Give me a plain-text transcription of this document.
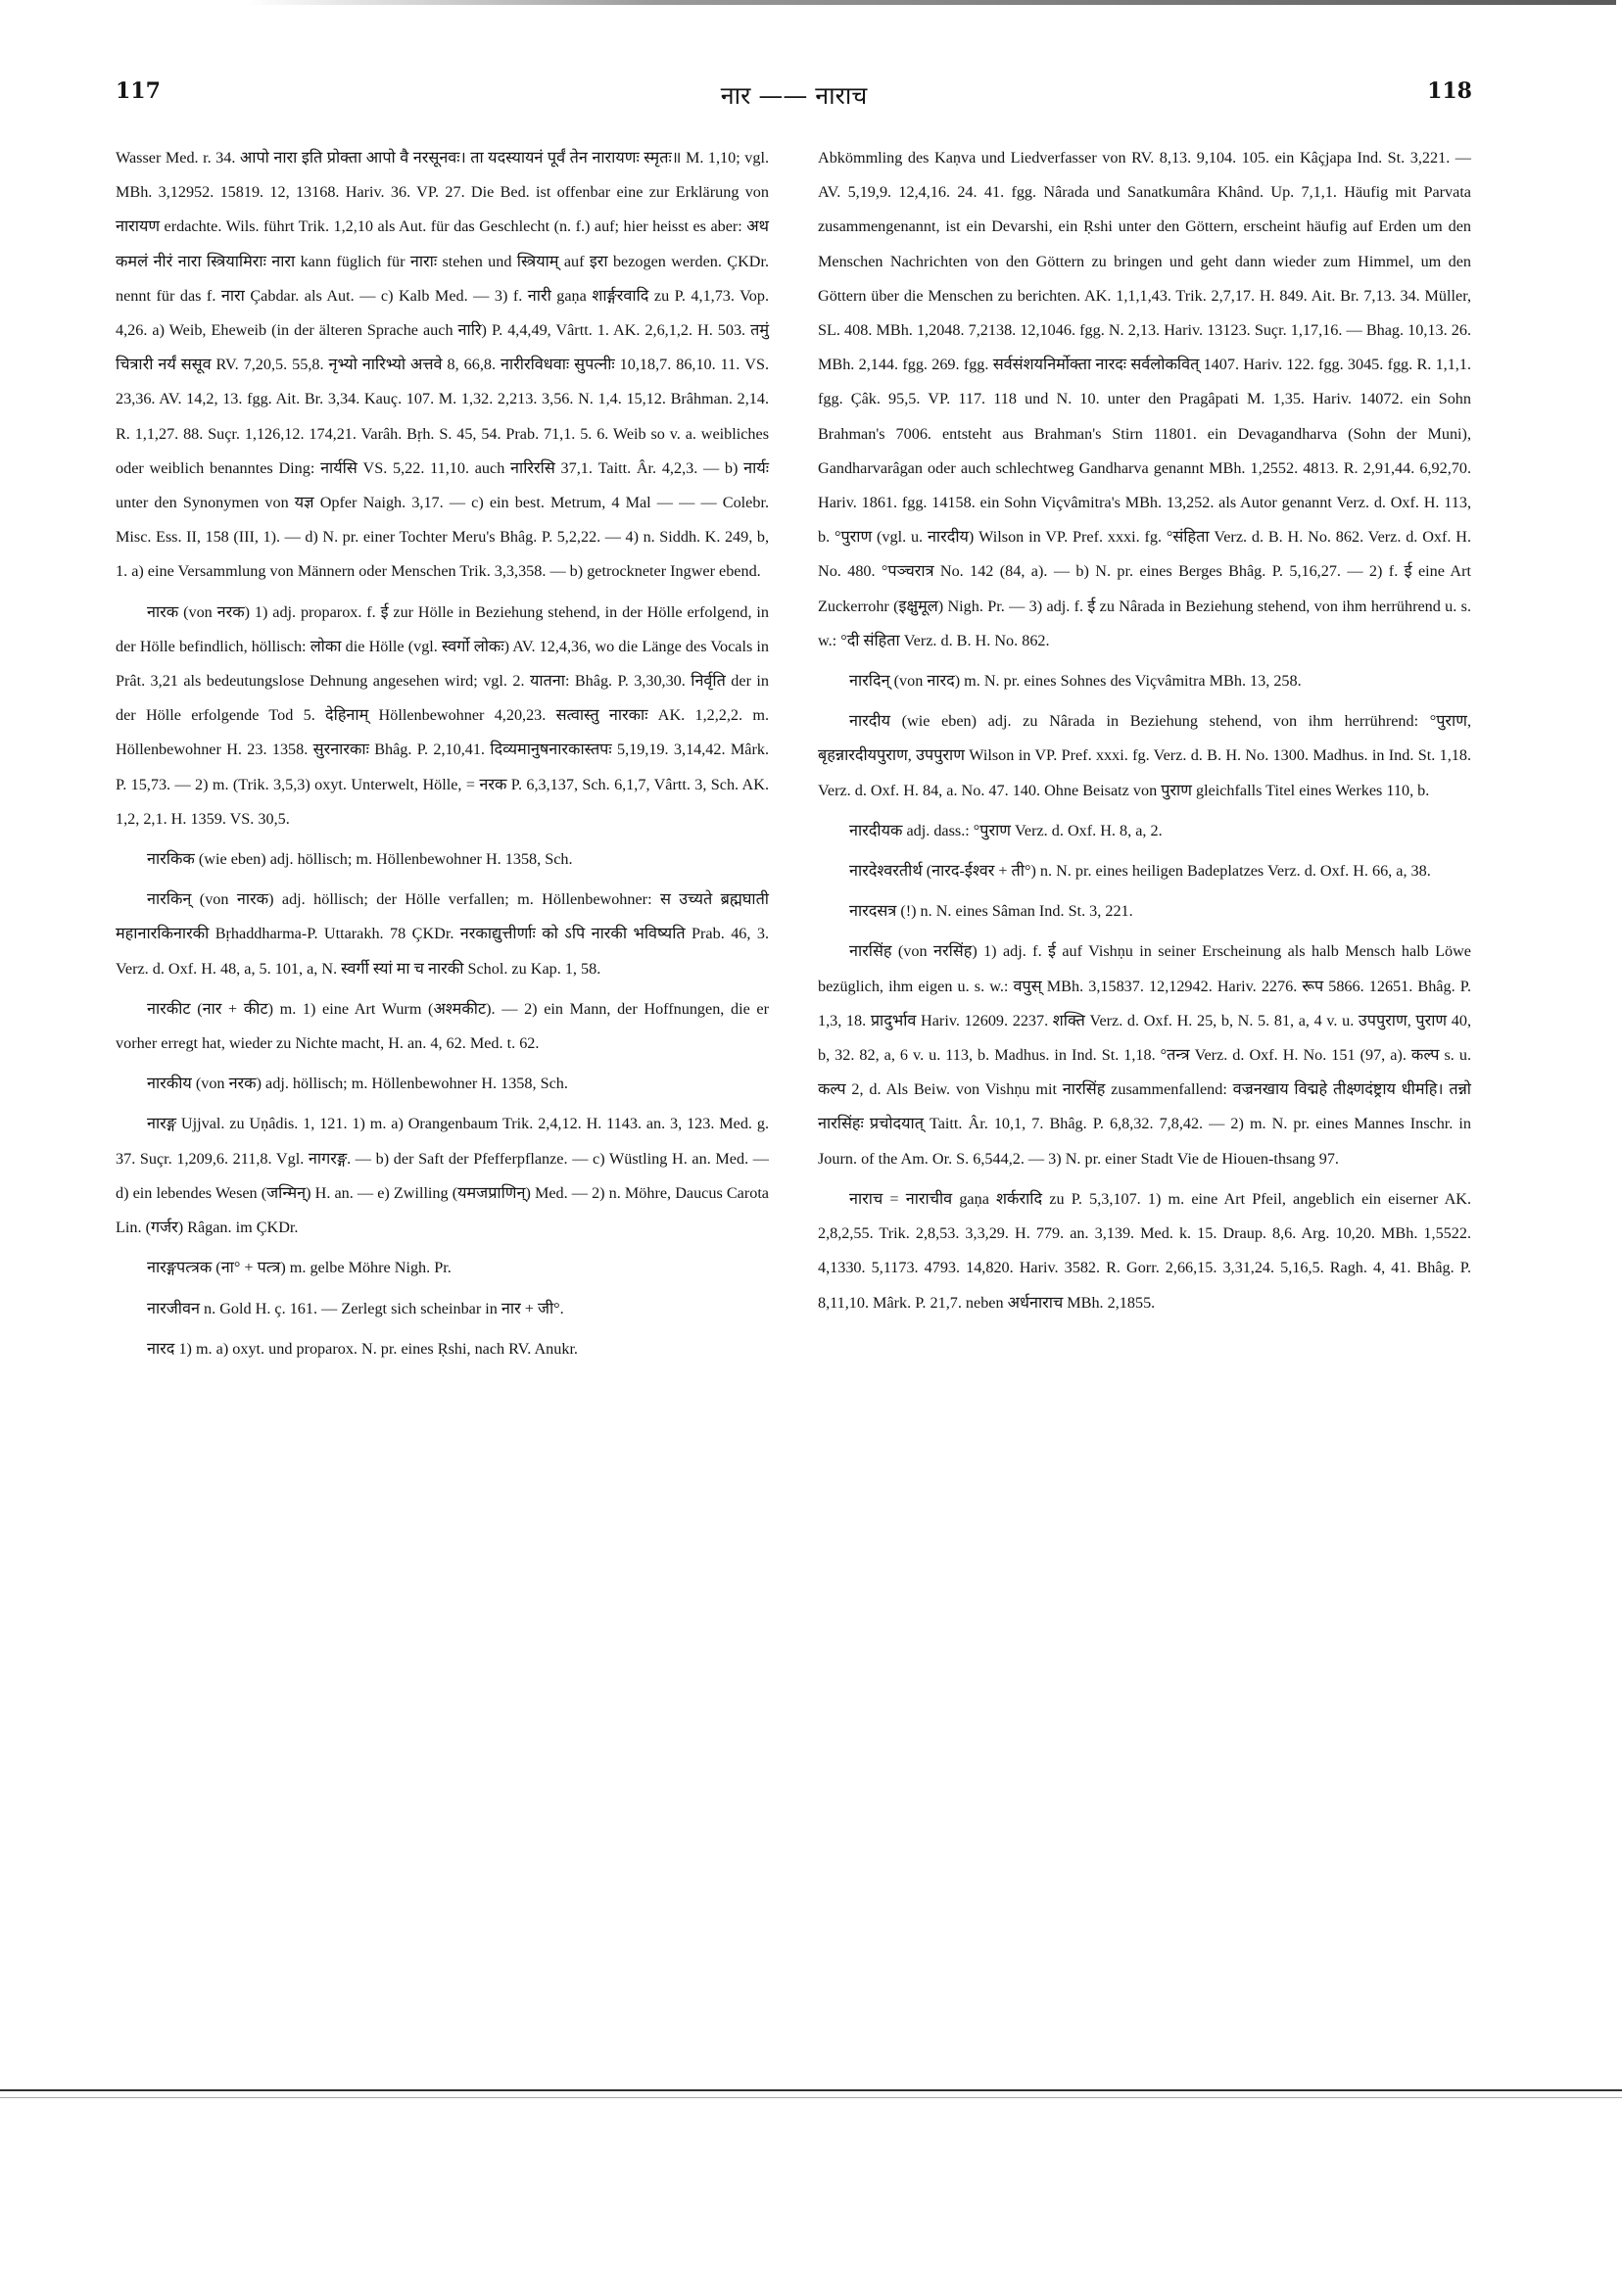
117	नार —— नाराच	118

Wasser Med. r. 34. आपो नारा इति प्रोक्ता आपो वै नरसूनवः। ता यदस्यायनं पूर्वं तेन नारायणः स्मृतः॥ M. 1,10; vgl. MBh. 3,12952. 15819. 12, 13168. Hariv. 36. VP. 27. Die Bed. ist offenbar eine zur Erklärung von नारायण erdachte. Wils. führt Trik. 1,2,10 als Aut. für das Geschlecht (n. f.) auf; hier heisst es aber: अथ कमलं नीरं नारा स्त्रियामिराः नारा kann füglich für नाराः stehen und स्त्रियाम् auf इरा bezogen werden. ÇKDr. nennt für das f. नारा Çabdar. als Aut. — c) Kalb Med. — 3) f. नारी gaṇa शार्ङ्गरवादि zu P. 4,1,73. Vop. 4,26. a) Weib, Eheweib (in der älteren Sprache auch नारि) P. 4,4,49, Vârtt. 1. AK. 2,6,1,2. H. 503. तमुं चित्रारी नर्यं ससूव RV. 7,20,5. 55,8. नृभ्यो नारिभ्यो अत्तवे 8, 66,8. नारीरविधवाः सुपत्नीः 10,18,7. 86,10. 11. VS. 23,36. AV. 14,2, 13. fgg. Ait. Br. 3,34. Kauç. 107. M. 1,32. 2,213. 3,56. N. 1,4. 15,12. Brâhman. 2,14. R. 1,1,27. 88. Suçr. 1,126,12. 174,21. Varâh. Bṛh. S. 45, 54. Prab. 71,1. 5. 6. Weib so v. a. weibliches oder weiblich benanntes Ding: नार्यसि VS. 5,22. 11,10. auch नारिरसि 37,1. Taitt. Âr. 4,2,3. — b) नार्यः unter den Synonymen von यज्ञ Opfer Naigh. 3,17. — c) ein best. Metrum, 4 Mal — — — Colebr. Misc. Ess. II, 158 (III, 1). — d) N. pr. einer Tochter Meru's Bhâg. P. 5,2,22. — 4) n. Siddh. K. 249, b, 1. a) eine Versammlung von Männern oder Menschen Trik. 3,3,358. — b) getrockneter Ingwer ebend.

नारक (von नरक) 1) adj. proparox. f. ई zur Hölle in Beziehung stehend, in der Hölle erfolgend, in der Hölle befindlich, höllisch: लोका die Hölle (vgl. स्वर्गो लोकः) AV. 12,4,36, wo die Länge des Vocals in Prât. 3,21 als bedeutungslose Dehnung angesehen wird; vgl. 2. यातना: Bhâg. P. 3,30,30. निर्वृति der in der Hölle erfolgende Tod 5. देहिनाम् Höllenbewohner 4,20,23. सत्वास्तु नारकाः AK. 1,2,2,2. m. Höllenbewohner H. 23. 1358. सुरनारकाः Bhâg. P. 2,10,41. दिव्यमानुषनारकास्तपः 5,19,19. 3,14,42. Mârk. P. 15,73. — 2) m. (Trik. 3,5,3) oxyt. Unterwelt, Hölle, = नरक P. 6,3,137, Sch. 6,1,7, Vârtt. 3, Sch. AK. 1,2, 2,1. H. 1359. VS. 30,5.

नारकिक (wie eben) adj. höllisch; m. Höllenbewohner H. 1358, Sch.

नारकिन् (von नारक) adj. höllisch; der Hölle verfallen; m. Höllenbewohner: स उच्यते ब्रह्मघाती महानारकिनारकी Bṛhaddharma-P. Uttarakh. 78 ÇKDr. नरकाद्युत्तीर्णाः को ऽपि नारकी भविष्यति Prab. 46, 3. Verz. d. Oxf. H. 48, a, 5. 101, a, N. स्वर्गी स्यां मा च नारकी Schol. zu Kap. 1, 58.

नारकीट (नार + कीट) m. 1) eine Art Wurm (अश्मकीट). — 2) ein Mann, der Hoffnungen, die er vorher erregt hat, wieder zu Nichte macht, H. an. 4, 62. Med. t. 62.

नारकीय (von नरक) adj. höllisch; m. Höllenbewohner H. 1358, Sch.

नारङ्ग Ujjval. zu Uṇâdis. 1, 121. 1) m. a) Orangenbaum Trik. 2,4,12. H. 1143. an. 3, 123. Med. g. 37. Suçr. 1,209,6. 211,8. Vgl. नागरङ्ग. — b) der Saft der Pfefferpflanze. — c) Wüstling H. an. Med. — d) ein lebendes Wesen (जन्मिन्) H. an. — e) Zwilling (यमजप्राणिन्) Med. — 2) n. Möhre, Daucus Carota Lin. (गर्जर) Râgan. im ÇKDr.

नारङ्गपत्त्रक (ना° + पत्त्र) m. gelbe Möhre Nigh. Pr.

नारजीवन n. Gold H. ç. 161. — Zerlegt sich scheinbar in नार + जी°.

नारद 1) m. a) oxyt. und proparox. N. pr. eines Ṛshi, nach RV. Anukr.

Abkömmling des Kaṇva und Liedverfasser von RV. 8,13. 9,104. 105. ein Kâçjapa Ind. St. 3,221. — AV. 5,19,9. 12,4,16. 24. 41. fgg. Nârada und Sanatkumâra Khând. Up. 7,1,1. Häufig mit Parvata zusammengenannt, ist ein Devarshi, ein Ṛshi unter den Göttern, erscheint häufig auf Erden um den Menschen Nachrichten von den Göttern zu bringen und geht dann wieder zum Himmel, um den Göttern über die Menschen zu berichten. AK. 1,1,1,43. Trik. 2,7,17. H. 849. Ait. Br. 7,13. 34. Müller, SL. 408. MBh. 1,2048. 7,2138. 12,1046. fgg. N. 2,13. Hariv. 13123. Suçr. 1,17,16. — Bhag. 10,13. 26. MBh. 2,144. fgg. 269. fgg. सर्वसंशयनिर्मोक्ता नारदः सर्वलोकवित् 1407. Hariv. 122. fgg. 3045. fgg. R. 1,1,1. fgg. Çâk. 95,5. VP. 117. 118 und N. 10. unter den Pragâpati M. 1,35. Hariv. 14072. ein Sohn Brahman's 7006. entsteht aus Brahman's Stirn 11801. ein Devagandharva (Sohn der Muni), Gandharvarâgan oder auch schlechtweg Gandharva genannt MBh. 1,2552. 4813. R. 2,91,44. 6,92,70. Hariv. 1861. fgg. 14158. ein Sohn Viçvâmitra's MBh. 13,252. als Autor genannt Verz. d. Oxf. H. 113, b. °पुराण (vgl. u. नारदीय) Wilson in VP. Pref. xxxi. fg. °संहिता Verz. d. B. H. No. 862. Verz. d. Oxf. H. No. 480. °पञ्चरात्र No. 142 (84, a). — b) N. pr. eines Berges Bhâg. P. 5,16,27. — 2) f. ई eine Art Zuckerrohr (इक्षुमूल) Nigh. Pr. — 3) adj. f. ई zu Nârada in Beziehung stehend, von ihm herrührend u. s. w.: °दी संहिता Verz. d. B. H. No. 862.

नारदिन् (von नारद) m. N. pr. eines Sohnes des Viçvâmitra MBh. 13, 258.

नारदीय (wie eben) adj. zu Nârada in Beziehung stehend, von ihm herrührend: °पुराण, बृहन्नारदीयपुराण, उपपुराण Wilson in VP. Pref. xxxi. fg. Verz. d. B. H. No. 1300. Madhus. in Ind. St. 1,18. Verz. d. Oxf. H. 84, a. No. 47. 140. Ohne Beisatz von पुराण gleichfalls Titel eines Werkes 110, b.

नारदीयक adj. dass.: °पुराण Verz. d. Oxf. H. 8, a, 2.

नारदेश्वरतीर्थ (नारद-ईश्वर + ती°) n. N. pr. eines heiligen Badeplatzes Verz. d. Oxf. H. 66, a, 38.

नारदसत्र (!) n. N. eines Sâman Ind. St. 3, 221.

नारसिंह (von नरसिंह) 1) adj. f. ई auf Vishṇu in seiner Erscheinung als halb Mensch halb Löwe bezüglich, ihm eigen u. s. w.: वपुस् MBh. 3,15837. 12,12942. Hariv. 2276. रूप 5866. 12651. Bhâg. P. 1,3, 18. प्रादुर्भाव Hariv. 12609. 2237. शक्ति Verz. d. Oxf. H. 25, b, N. 5. 81, a, 4 v. u. उपपुराण, पुराण 40, b, 32. 82, a, 6 v. u. 113, b. Madhus. in Ind. St. 1,18. °तन्त्र Verz. d. Oxf. H. No. 151 (97, a). कल्प s. u. कल्प 2, d. Als Beiw. von Vishṇu mit नारसिंह zusammenfallend: वज्रनखाय विद्महे तीक्ष्णदंष्ट्राय धीमहि। तन्नो नारसिंहः प्रचोदयात् Taitt. Âr. 10,1, 7. Bhâg. P. 6,8,32. 7,8,42. — 2) m. N. pr. eines Mannes Inschr. in Journ. of the Am. Or. S. 6,544,2. — 3) N. pr. einer Stadt Vie de Hiouen-thsang 97.

नाराच = नाराचीव gaṇa शर्करादि zu P. 5,3,107. 1) m. eine Art Pfeil, angeblich ein eiserner AK. 2,8,2,55. Trik. 2,8,53. 3,3,29. H. 779. an. 3,139. Med. k. 15. Draup. 8,6. Arg. 10,20. MBh. 1,5522. 4,1330. 5,1173. 4793. 14,820. Hariv. 3582. R. Gorr. 2,66,15. 3,31,24. 5,16,5. Ragh. 4, 41. Bhâg. P. 8,11,10. Mârk. P. 21,7. neben अर्धनाराच MBh. 2,1855.
